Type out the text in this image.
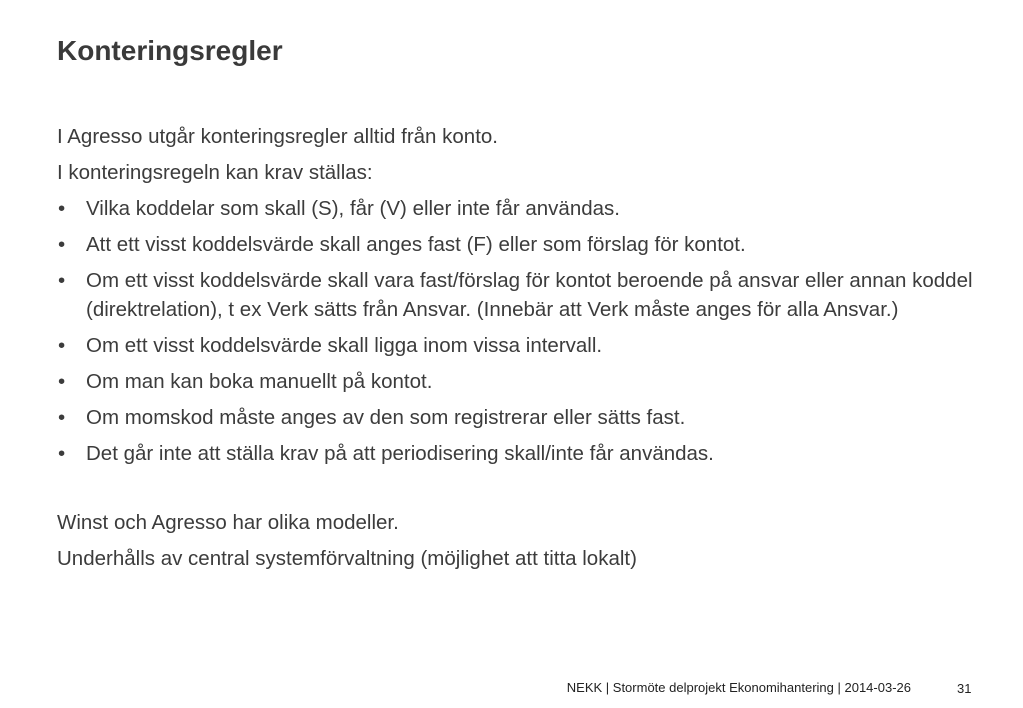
Konteringsregler

I Agresso utgår konteringsregler alltid från konto.

I konteringsregeln kan krav ställas:

• Vilka koddelar som skall (S), får (V) eller inte får användas.
• Att ett visst koddelsvärde skall anges fast (F) eller som förslag för kontot.
• Om ett visst koddelsvärde skall vara fast/förslag för kontot beroende på ansvar eller annan koddel (direktrelation), t ex Verk sätts från Ansvar. (Innebär att Verk måste anges för alla Ansvar.)
• Om ett visst koddelsvärde skall ligga inom vissa intervall.
• Om man kan boka manuellt på kontot.
• Om momskod måste anges av den som registrerar eller sätts fast.
• Det går inte att ställa krav på att periodisering skall/inte får användas.

Winst och Agresso har olika modeller.

Underhålls av central systemförvaltning (möjlighet att titta lokalt)

NEKK | Stormöte delprojekt Ekonomihantering | 2014-03-26	31
